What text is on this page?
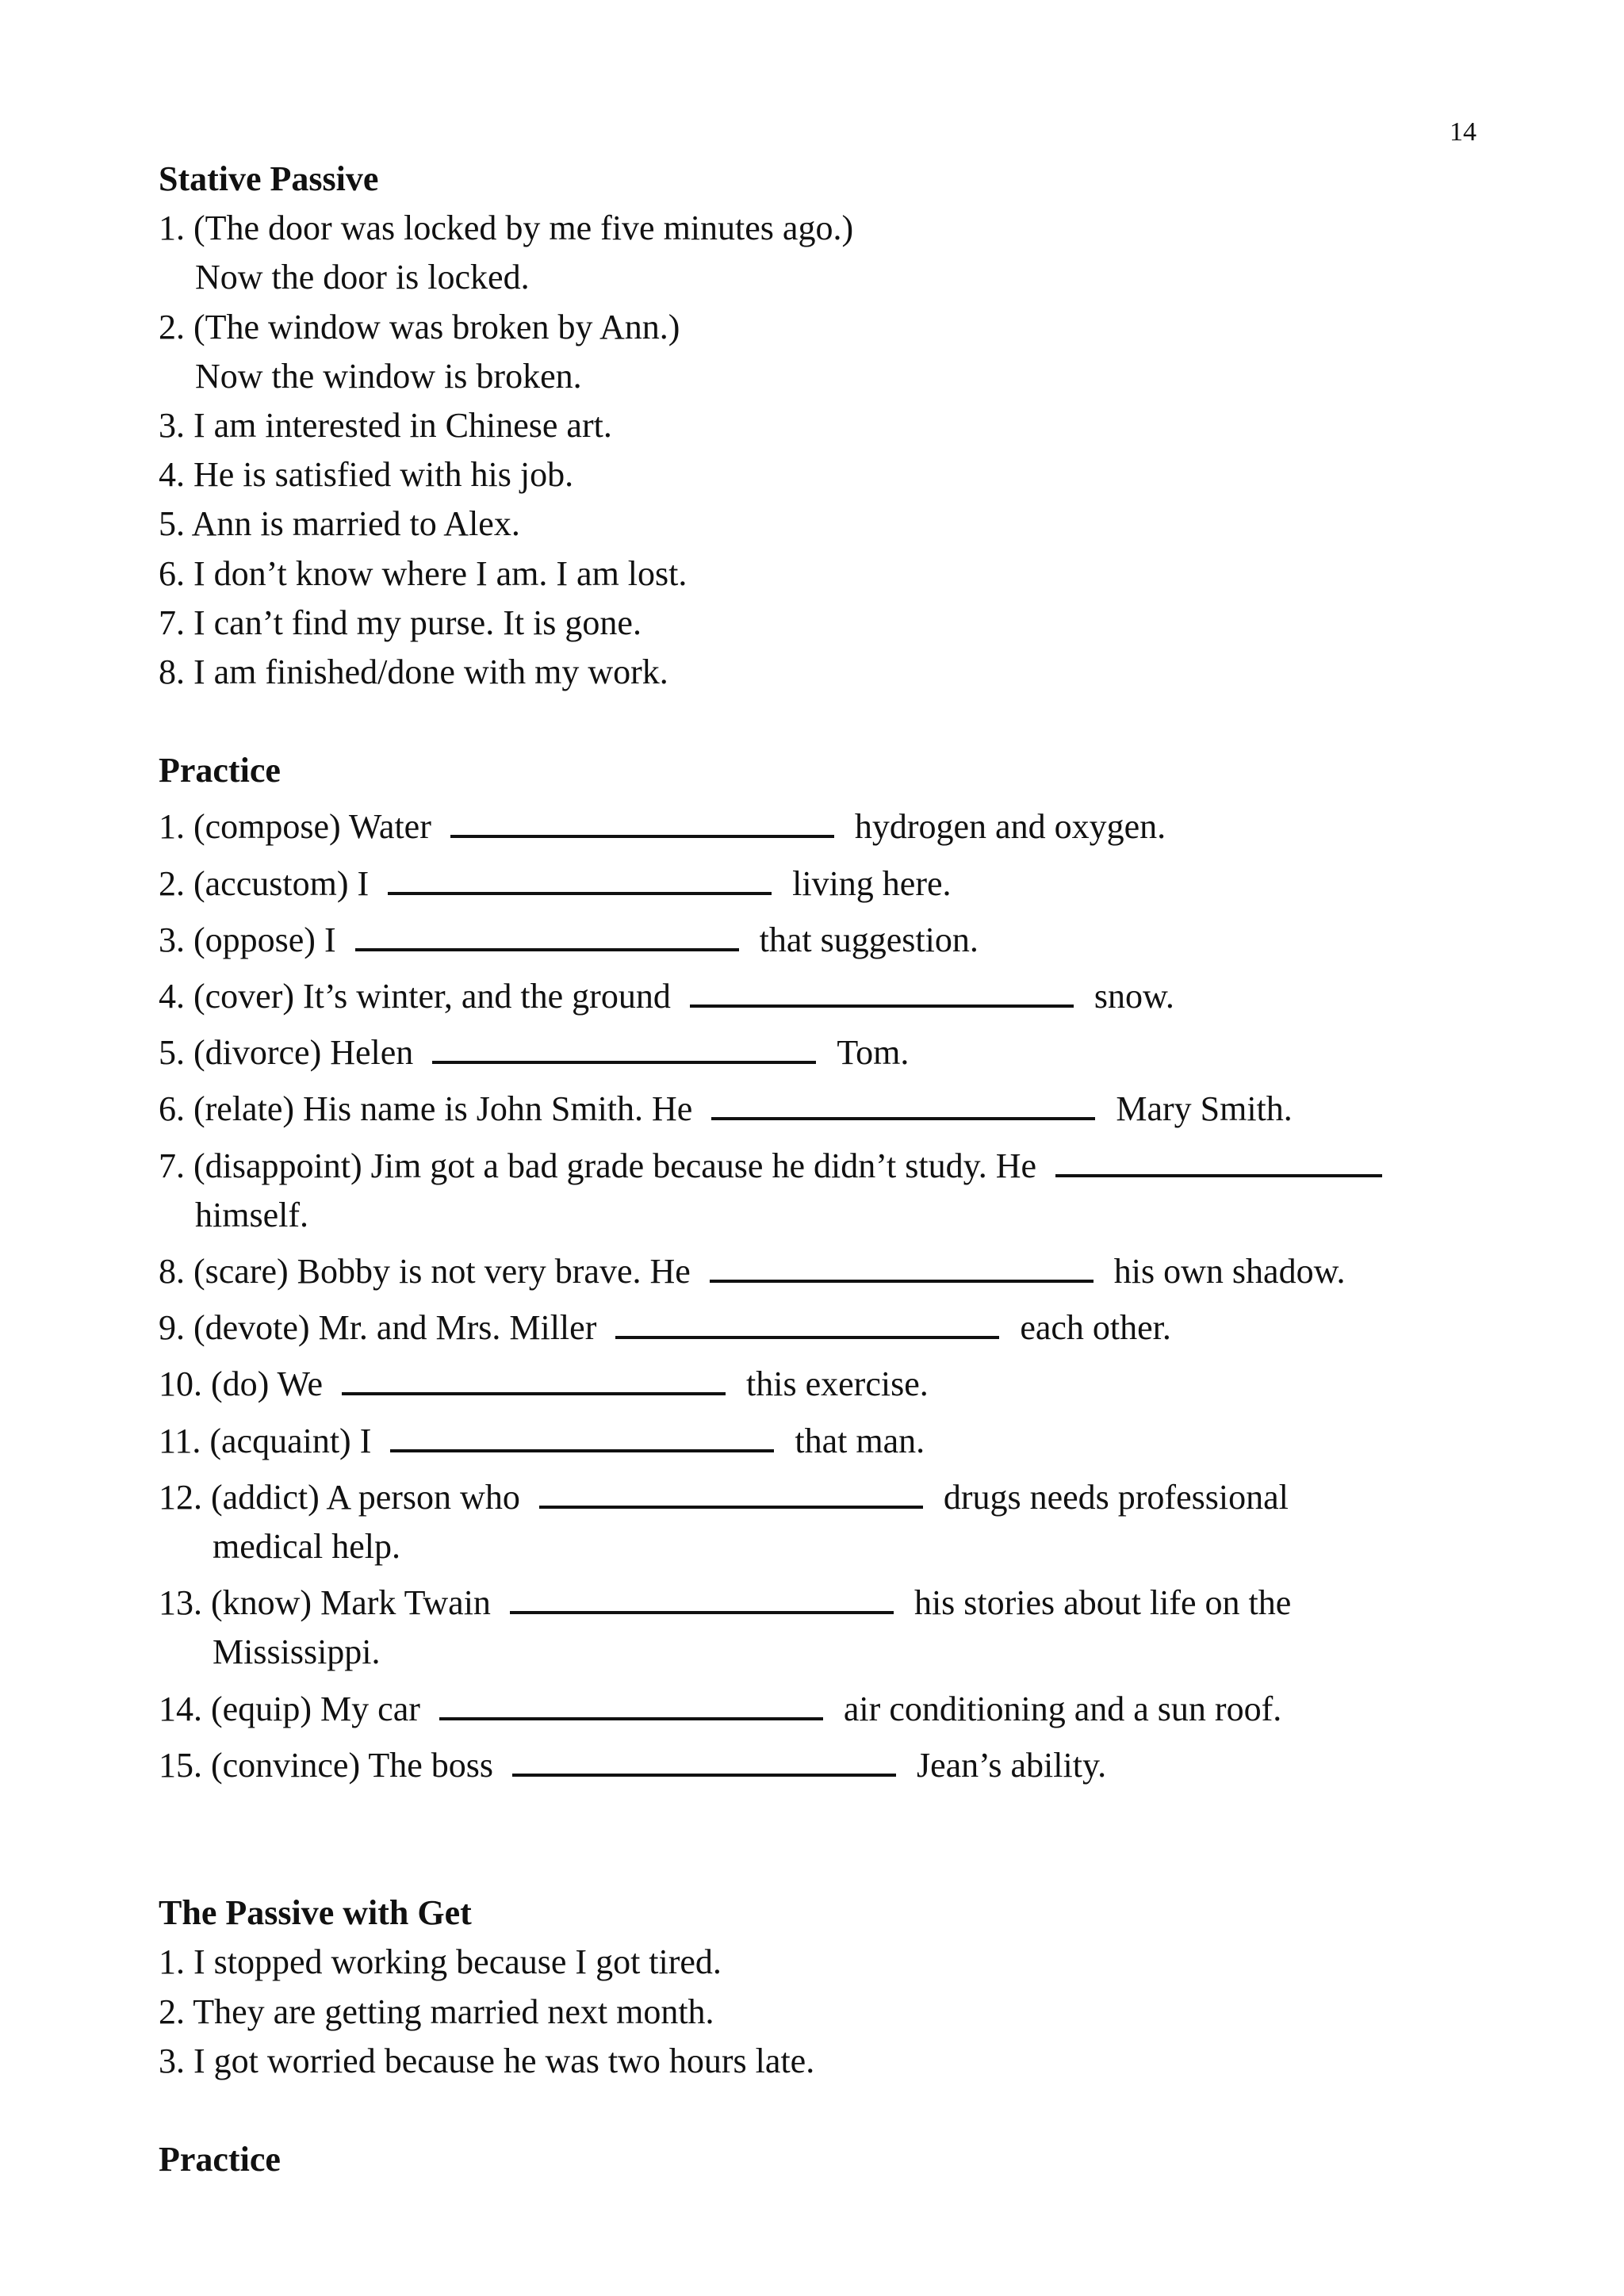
14
Stative Passive
1. (The door was locked by me five minutes ago.)
Now the door is locked.
2. (The window was broken by Ann.)
Now the window is broken.
3. I am interested in Chinese art.
4. He is satisfied with his job.
5. Ann is married to Alex.
6. I don’t know where I am. I am lost.
7. I can’t find my purse. It is gone.
8. I am finished/done with my work.
Practice
1. (compose) Water	hydrogen and oxygen.
2. (accustom) I	living here.
3. (oppose) I	that suggestion.
4. (cover) It’s winter, and the ground	snow.
5. (divorce) Helen	Tom.
6. (relate) His name is John Smith. He	Mary Smith.
7. (disappoint) Jim got a bad grade because he didn’t study. He
himself.
8. (scare) Bobby is not very brave. He	his own shadow.
9. (devote) Mr. and Mrs. Miller	each other.
10. (do) We	this exercise.
11. (acquaint) I	that man.
12. (addict) A person who	drugs needs professional
medical help.
13. (know) Mark Twain	his stories about life on the
Mississippi.
14. (equip) My car	air conditioning and a sun roof.
15. (convince) The boss	Jean’s ability.
The Passive with Get
1. I stopped working because I got tired.
2. They are getting married next month.
3. I got worried because he was two hours late.
Practice
